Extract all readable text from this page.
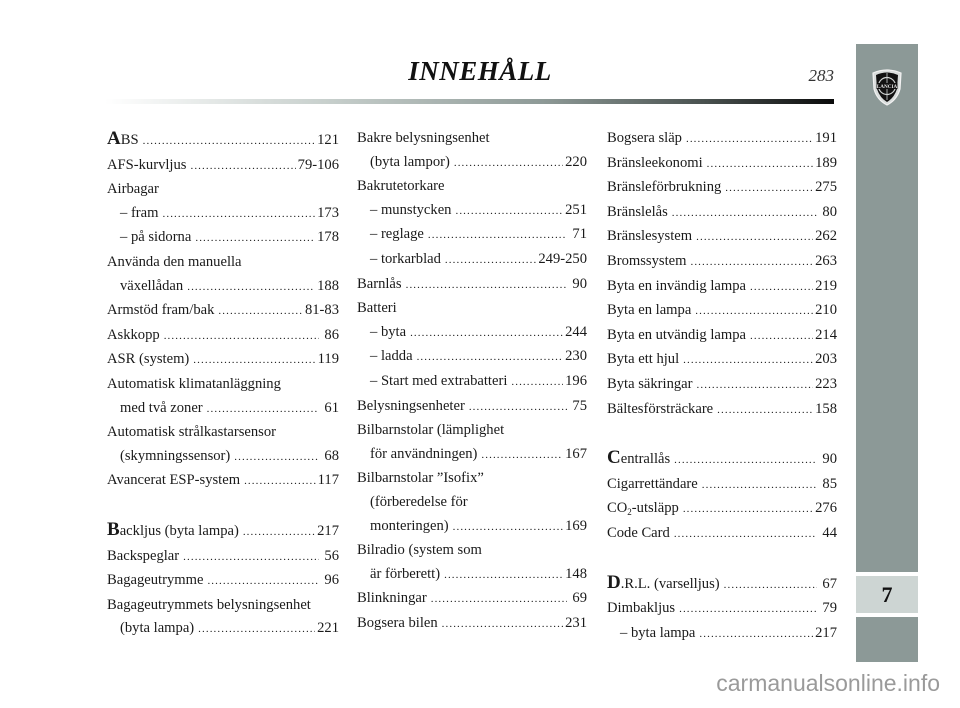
INNEHÅLL	283
LANCIA
7
carmanualsonline.info
ABS .....	121
AFS-kurvljus .....	79-106
Airbagar
– fram .....	173
– på sidorna .....	178
Använda den manuella
växellådan .....	188
Armstöd fram/bak .....	81-83
Askkopp .....	86
ASR (system) .....	119
Automatisk klimatanläggning
med två zoner .....	61
Automatisk strålkastarsensor
(skymningssensor) .....	68
Avancerat ESP-system .....	117
Backljus (byta lampa) .....	217
Backspeglar .....	56
Bagageutrymme .....	96
Bagageutrymmets belysningsenhet
(byta lampa) .....	221
Bakre belysningsenhet
(byta lampor) .....	220
Bakrutetorkare
– munstycken .....	251
– reglage .....	71
– torkarblad .....	249-250
Barnlås .....	90
Batteri
– byta .....	244
– ladda .....	230
– Start med extrabatteri .....	196
Belysningsenheter .....	75
Bilbarnstolar (lämplighet
för användningen) .....	167
Bilbarnstolar ”Isofix”
(förberedelse för
monteringen) .....	169
Bilradio (system som
är förberett) .....	148
Blinkningar .....	69
Bogsera bilen .....	231
Bogsera släp .....	191
Bränsleekonomi .....	189
Bränsleförbrukning .....	275
Bränslelås .....	80
Bränslesystem .....	262
Bromssystem .....	263
Byta en invändig lampa .....	219
Byta en lampa .....	210
Byta en utvändig lampa .....	214
Byta ett hjul .....	203
Byta säkringar .....	223
Bältesförsträckare .....	158
Centrallås .....	90
Cigarrettändare .....	85
$CO_2$-utsläpp .....	276
Code Card .....	44
D.R.L. (varselljus) .....	67
Dimbakljus .....	79
– byta lampa .....	217
